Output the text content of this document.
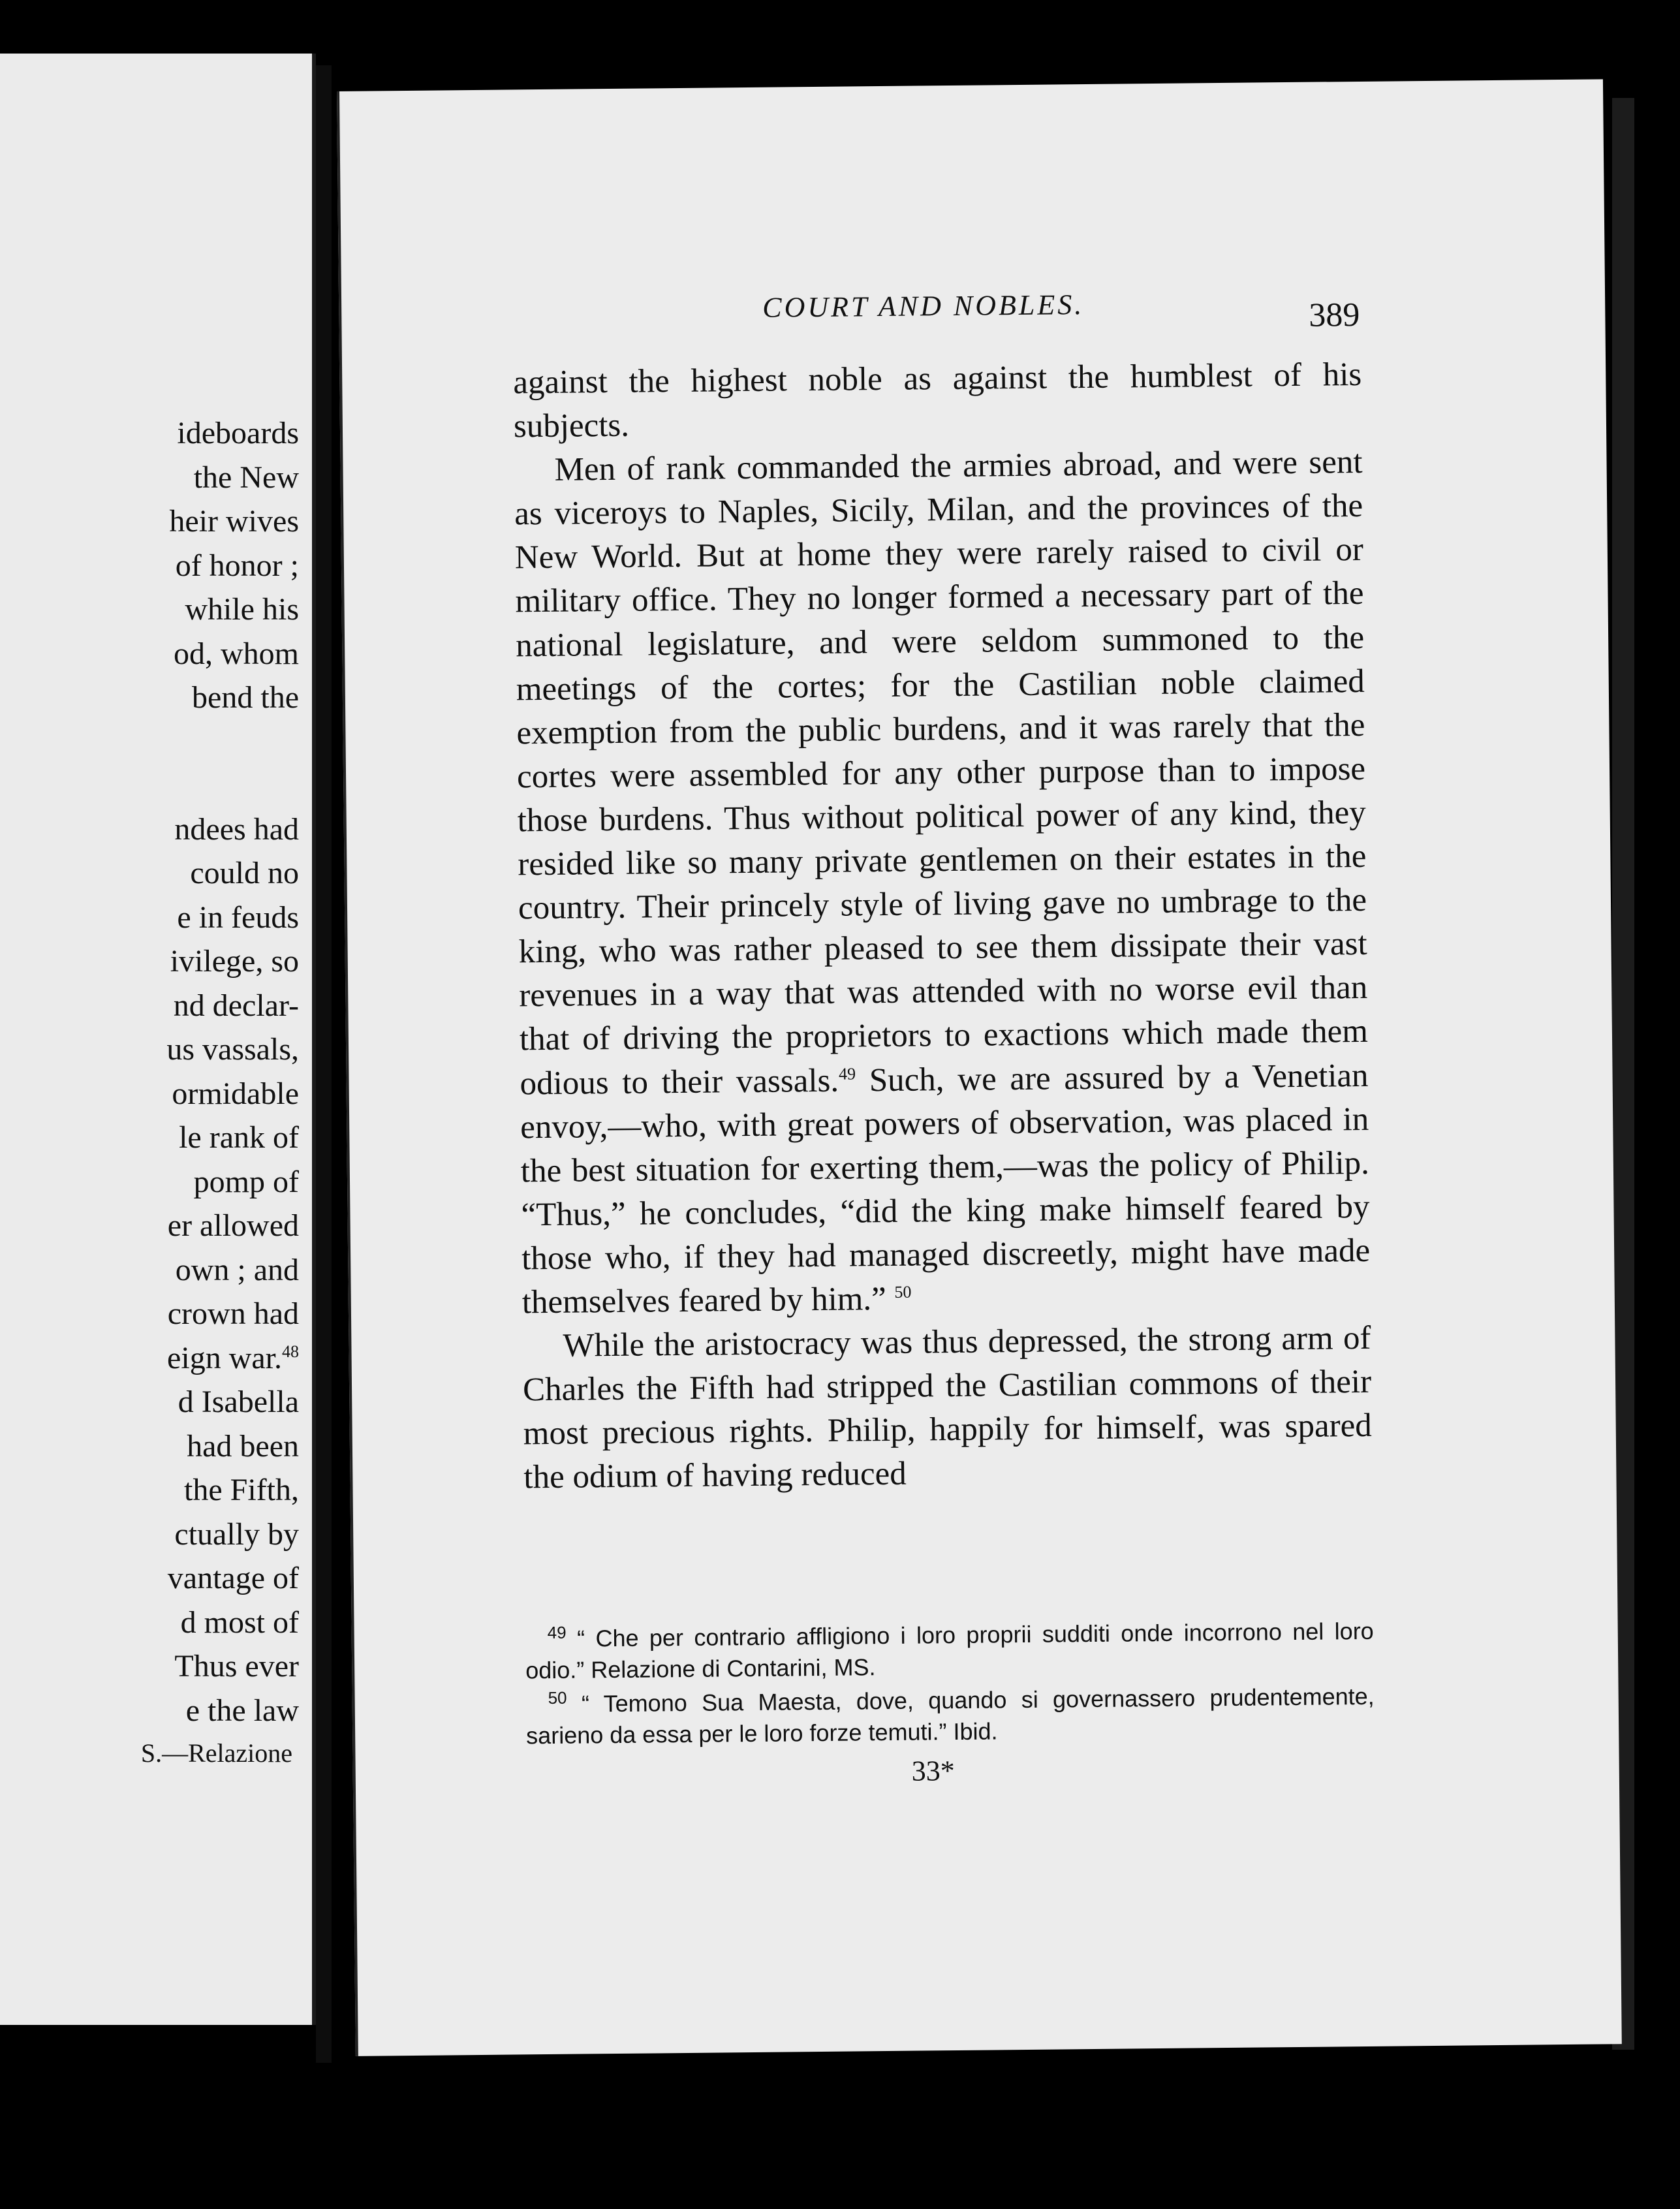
ideboards
the New
heir wives
of honor ;
while his
od, whom
bend the
ndees had
could no
e in feuds
ivilege, so
nd declar-
us vassals,
ormidable
le rank of
pomp of
er allowed
own ; and
crown had
eign war.$^{48}$
d Isabella
had been
the Fifth,
ctually by
vantage of
d most of
Thus ever
e the law
S.—Relazione
COURT AND NOBLES.	389

against the highest noble as against the humblest of his subjects.

Men of rank commanded the armies abroad, and were sent as viceroys to Naples, Sicily, Milan, and the provinces of the New World. But at home they were rarely raised to civil or military office. They no longer formed a necessary part of the national legislature, and were seldom summoned to the meetings of the cortes; for the Castilian noble claimed exemption from the public burdens, and it was rarely that the cortes were assembled for any other purpose than to impose those burdens. Thus without political power of any kind, they resided like so many private gentlemen on their estates in the country. Their princely style of living gave no umbrage to the king, who was rather pleased to see them dissipate their vast revenues in a way that was attended with no worse evil than that of driving the proprietors to exactions which made them odious to their vassals.$^{49}$ Such, we are assured by a Venetian envoy,—who, with great powers of observation, was placed in the best situation for exerting them,—was the policy of Philip. “Thus,” he concludes, “did the king make himself feared by those who, if they had managed discreetly, might have made themselves feared by him.” $^{50}$

While the aristocracy was thus depressed, the strong arm of Charles the Fifth had stripped the Castilian commons of their most precious rights. Philip, happily for himself, was spared the odium of having reduced

$^{49}$ “ Che per contrario affligiono i loro proprii sudditi onde incorrono nel loro odio.” Relazione di Contarini, MS.

$^{50}$ “ Temono Sua Maesta, dove, quando si governassero prudentemente, sarieno da essa per le loro forze temuti.” Ibid.

33*
